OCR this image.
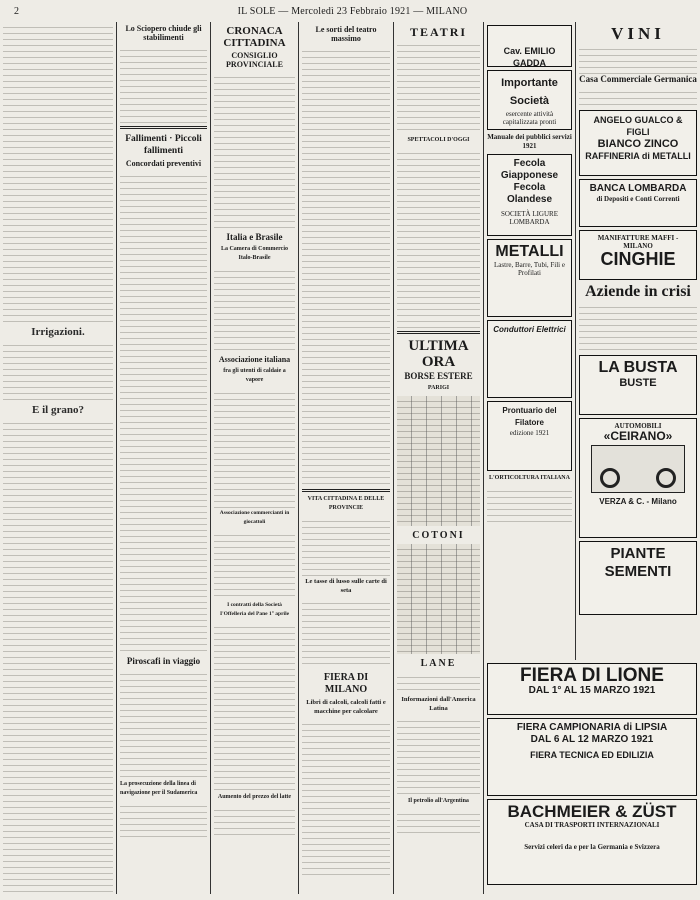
2	IL SOLE — Mercoledì 23 Febbraio 1921 — MILANO
Irrigazioni.
E il grano?
Lo Sciopero chiude gli stabilimenti
Fallimenti · Piccoli fallimenti
Concordati preventivi
Piroscafi in viaggio
La prosecuzione della linea di navigazione per il Sudamerica
CRONACA CITTADINA
CONSIGLIO PROVINCIALE
Italia e Brasile
La Camera di Commercio Italo-Brasile
Associazione italiana
fra gli utenti di caldaie a vapore
Associazione commercianti in giocattoli
I contratti della Società I'Offelleria del Pane 1° aprile
Aumento del prezzo del latte
Le sorti del teatro massimo
VITA CITTADINA E DELLE PROVINCIE
Le tasse di lusso sulle carte di seta
FIERA DI MILANO
Libri di calcoli, calcoli fatti e macchine per calcolare
TEATRI
SPETTACOLI D'OGGI
ULTIMA ORA
BORSE ESTERE
PARIGI
COTONI
LANE
Informazioni dall'America Latina
Il petrolio all'Argentina
Cav. EMILIO GADDA
Importante Società
esercente attività capitalizzata pronti
Manuale dei pubblici servizi 1921
Fecola Giapponese
Fecola Olandese
SOCIETÀ LIGURE LOMBARDA
METALLI
Lastre, Barre, Tubi, Fili e Profilati
Conduttori Elettrici
Prontuario del Filatore
edizione 1921
L'ORTICOLTURA ITALIANA
FIERA DI LIONE
DAL 1° AL 15 MARZO 1921
FIERA CAMPIONARIA di LIPSIA
DAL 6 AL 12 MARZO 1921
FIERA TECNICA ED EDILIZIA
BACHMEIER & ZÜST
CASA DI TRASPORTI INTERNAZIONALI
Servizi celeri da e per la Germania e Svizzera
VINI
Casa Commerciale Germanica
ANGELO GUALCO & FIGLI
BIANCO ZINCO
RAFFINERIA di METALLI
BANCA LOMBARDA
di Depositi e Conti Correnti
MANIFATTURE MAFFI - MILANO
CINGHIE
Aziende in crisi
LA BUSTA
BUSTE
AUTOMOBILI
«CEIRANO»
VERZA & C. - Milano
PIANTE
SEMENTI
